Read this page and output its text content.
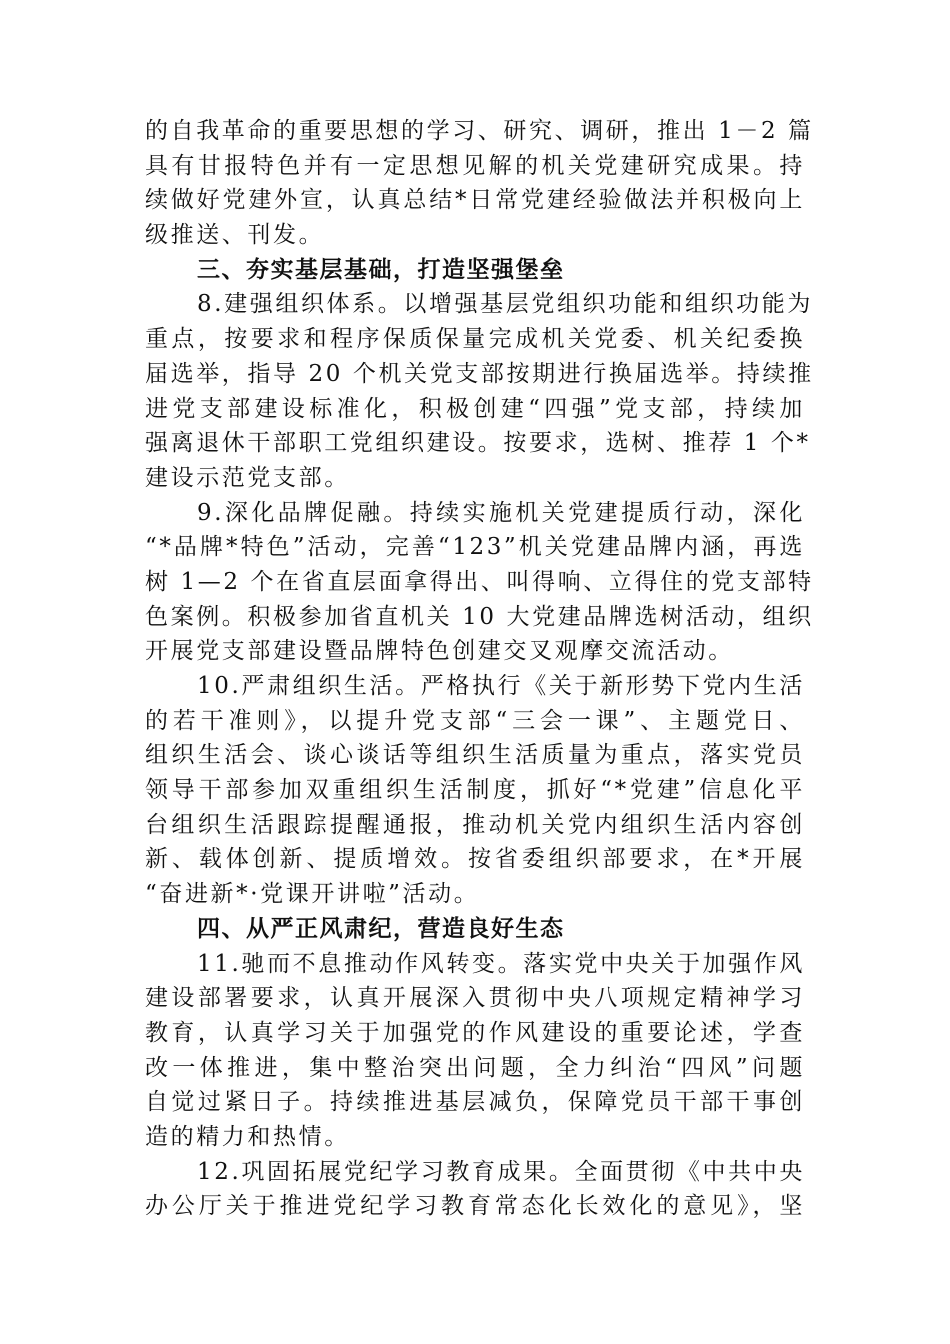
的自我革命的重要思想的学习、研究、调研，推出 1－2 篇
具有甘报特色并有一定思想见解的机关党建研究成果。持
续做好党建外宣，认真总结*日常党建经验做法并积极向上
级推送、刊发。
三、夯实基层基础，打造坚强堡垒
8.建强组织体系。以增强基层党组织功能和组织功能为
重点，按要求和程序保质保量完成机关党委、机关纪委换
届选举，指导 20 个机关党支部按期进行换届选举。持续推
进党支部建设标准化，积极创建“四强”党支部，持续加
强离退休干部职工党组织建设。按要求，选树、推荐 1 个*
建设示范党支部。
9.深化品牌促融。持续实施机关党建提质行动，深化
“*品牌*特色”活动，完善“123”机关党建品牌内涵，再选
树 1—2 个在省直层面拿得出、叫得响、立得住的党支部特
色案例。积极参加省直机关 10 大党建品牌选树活动，组织
开展党支部建设暨品牌特色创建交叉观摩交流活动。
10.严肃组织生活。严格执行《关于新形势下党内生活
的若干准则》，以提升党支部“三会一课”、主题党日、
组织生活会、谈心谈话等组织生活质量为重点，落实党员
领导干部参加双重组织生活制度，抓好“*党建”信息化平
台组织生活跟踪提醒通报，推动机关党内组织生活内容创
新、载体创新、提质增效。按省委组织部要求，在*开展
“奋进新*·党课开讲啦”活动。
四、从严正风肃纪，营造良好生态
11.驰而不息推动作风转变。落实党中央关于加强作风
建设部署要求，认真开展深入贯彻中央八项规定精神学习
教育，认真学习关于加强党的作风建设的重要论述，学查
改一体推进，集中整治突出问题，全力纠治“四风”问题
自觉过紧日子。持续推进基层减负，保障党员干部干事创
造的精力和热情。
12.巩固拓展党纪学习教育成果。全面贯彻《中共中央
办公厅关于推进党纪学习教育常态化长效化的意见》，坚
